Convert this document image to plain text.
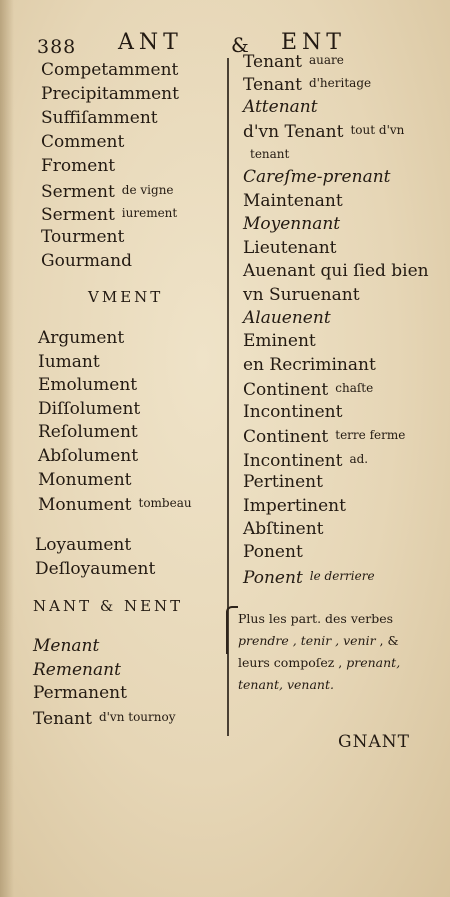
388 ANT & ENT
Competamment
Precipitamment
Suffiſamment
Comment
Froment
Serment de vigne
Serment iurement
Tourment
Gourmand
Argument
Iumant
Emolument
Diſſolument
Reſolument
Abſolument
Monument
Monument tombeau
Loyaument
Deſloyaument
Menant
Remenant
Permanent
Tenant d'vn tournoy
Tenant auare
Tenant d'heritage
Attenant
d'vn Tenant tout d'vn
tenant
Careſme-prenant
Maintenant
Moyennant
Lieutenant
Auenant qui ſied bien
vn Suruenant
Alauenent
Eminent
en Recriminant
Continent chaſte
Incontinent
Continent terre ferme
Incontinent ad.
Pertinent
Impertinent
Abſtinent
Ponent
Ponent le derriere
VMENT
NANT & NENT
Plus les part. des verbes
prendre , tenir , venir , &
leurs compoſez , prenant,
tenant, venant.
GNANT
